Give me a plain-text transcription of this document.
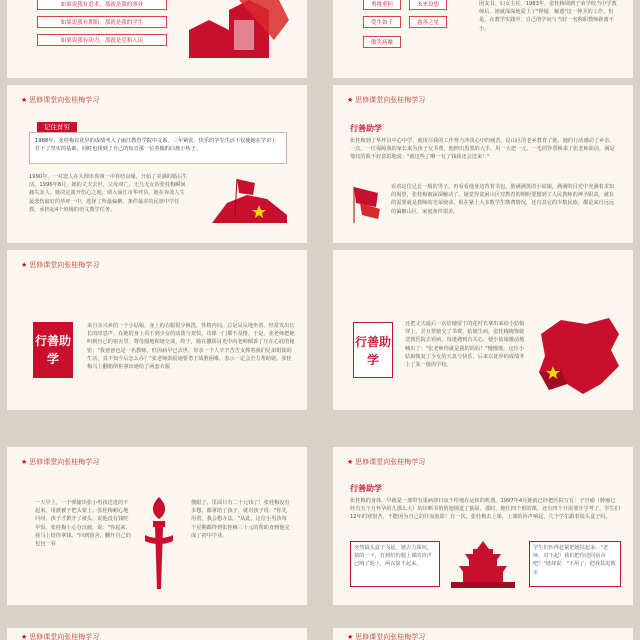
如果说我有追求，那就是我的事业
如果说我有期盼，那就是我的学生
如果说我有动力，那就是党和人民
勇挑重担	未来设想
爱生如子	慈善之星
傲笑病魔
团支书、妇女主任。1983年，张桂梅调到子弟学校当中学教师后，她就深深地爱上了"释疑、解惑"这一神圣的工作。但是，在教学实践中，自己的学问与当好一名称职教师距离不小。
★ 思修课堂向张桂梅学习
记住贫穷
1988年，张桂梅以优异的成绩考入了丽江教育学院中文系。三年紧张、快乐的学生生活不仅使她在学识上打下了坚实的基础，同时也找到了自己的知音那一位英俊的白族小伙子。
1990年，一对恋人在大理市喜洲一中喜结良缘，开始了美满的婚后生活。1996年8月，她的丈夫去世，父母双亡，无儿无女的张桂梅瞬间痛失亲人。她决定离开伤心之地，调入丽江市华坪县。她在奔波人生最悲伤最好的华坪一中，选择了所最偏僻、条件最差的民族中学任教，承担起4个班级的语文教学任务。
★ 思修课堂向张桂梅学习
行善助学
张桂梅到了华坪县中心中学，就用尽我的工作努力冲淡心中的痛苦。昆山区的老乡教育了她，她的行动感动了乡亲。一次，一位保障我的家长来为孩子交书费，他伸出黑黑的大手，用一大把一元、一毛的钞票换来了张老师面前，满是皱纹的脸不好意思地说："就这些了啊一有了钱我还会送来！"
看着这位兄长一般的男子，再看看他身边背着书包、脸满满黑的小姑娘，满满的目光中充满着求知的渴望，张桂梅被深深触动了。她觉得贫困山区对教育的期盼要想到了人民教师的神圣职责。就在的需要就是教师的光荣使命，恨在紧上大多数学生缴费情况，还有其它的少数民族，都是来自远远的偏僻山区，家庭条件很差。
★ 思修课堂向张桂梅学习
行善助学
来自永兴乡的一个小姑娘，身上的衣服很少换洗，性格内向，总是呆呆地坐着，经常发出长长的叹息声。在她的身上看不到少女的活泼与欢快。功课一门都不及格。于是，张老师把她叫到自己的宿舍里，尊母般地和她交谈，终于，她在撒娇目光中向老师倾诉了压在心底的秘密："我爸爸也是一名教师，但因病早已去世。母亲一个人辛辛苦苦支撑着我们兄弟姐妹的生活，真不知今后怎么办？"张老师鼓励她要勇于战胜困难，表示一定会全力帮助她。张桂梅马上翻箱倒柜拿出她给了两套衣服
行善助学
还把丈夫最后一次给她留下的花衬衣拿出来给小姑娘穿上，并且帮她交了书费。姑娘生病，张桂梅掩饰她送到医院去看病，每逢遇到有关心，使小姑娘激动地喊出了："张老师你就是我的妈妈！"慢慢地，这位小姑娘恢复了少女的天真与快乐，后来以优异的成绩考上了某一级的学校。
★ 思修课堂向张桂梅学习
一天早上，一个弹偷出张小男孩送进的不起来，用被被子把头蒙上。张桂梅耐心地问问，孩子才掀开了被头，说他没有钱吃早饭。张桂梅十心分沉痛，说："你起来，我马上给你拿钱。"回到寝舍，翻开自己的包包一看
傻眼了，里面只有二十元钱了！张桂梅没有多想，都拿给了孩子，就对孩子说："你先用着，我会想办法。"从此，这位小男孩每个星期都得到张桂梅三十元的帮助直到他完成了初中学业。
★ 思修课堂向张桂梅学习
行善助学
张桂梅的身体，早就是一部带有重病却日夜不停地在运转的机器。1997年4月她就已经把医院写有：子宫瘤（肿瘤已经有五个月怀孕的儿那么大）的诊断书悄悄地锁进了抽屉。那时，她任四个班的课，还有四个升需要升学考了。学生们12年的寒窗苦，不能因为自己的往而泡影！有一次，张桂梅去上课，上课的铃声响起，几个学生跟着镜头盒子吗。
突然镜头盒子飞起，她去力探问，猜的一下，打到给的题上课的铃声已响了他上，两次简不起来。
学生们匹得赶紧把她扶起来："老师，对不起！我们把你送回宿舍吧？"她却说："不用了，把我扶进教室
★ 思修课堂向张桂梅学习	★ 思修课堂向张桂梅学习
